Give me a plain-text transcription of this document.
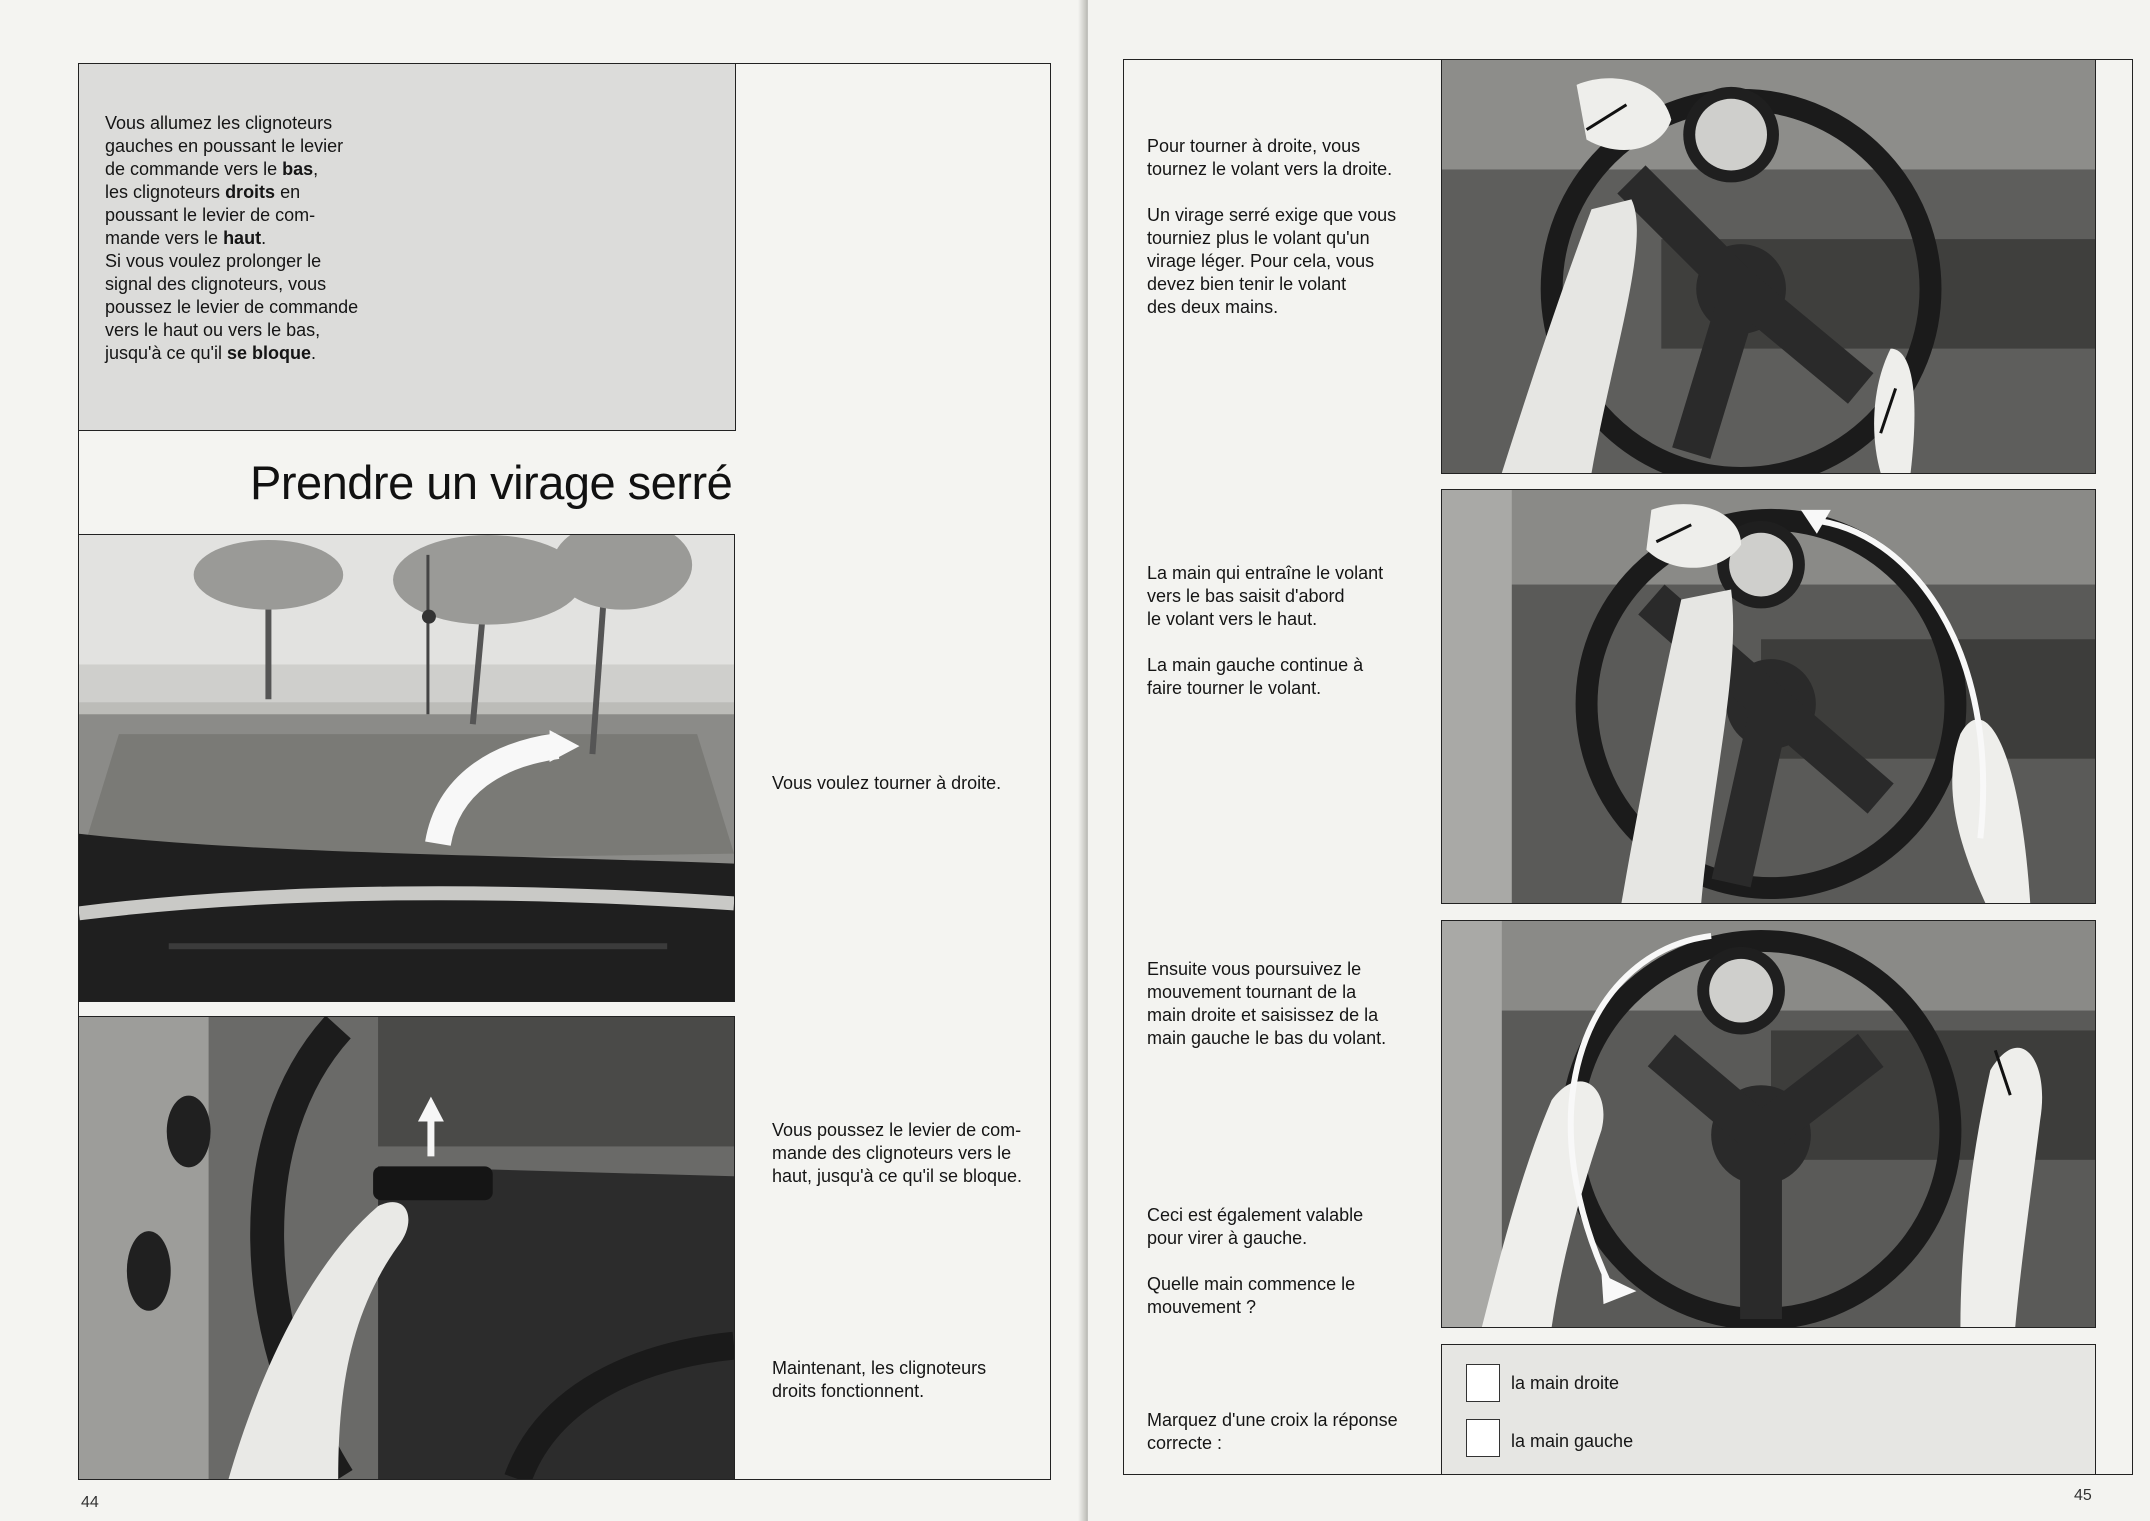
Vous allumez les clignoteurs
gauches en poussant le levier
de commande vers le bas,
les clignoteurs droits en
poussant le levier de com-
mande vers le haut.
Si vous voulez prolonger le
signal des clignoteurs, vous
poussez le levier de commande
vers le haut ou vers le bas,
jusqu'à ce qu'il se bloque.
Prendre un virage serré
Vous voulez tourner à droite.
Vous poussez le levier de com-
mande des clignoteurs vers le
haut, jusqu'à ce qu'il se bloque.
Maintenant, les clignoteurs
droits fonctionnent.
44
Pour tourner à droite, vous
tournez le volant vers la droite.

Un virage serré exige que vous
tourniez plus le volant qu'un
virage léger. Pour cela, vous
devez bien tenir le volant
des deux mains.
La main qui entraîne le volant
vers le bas saisit d'abord
le volant vers le haut.

La main gauche continue à
faire tourner le volant.
Ensuite vous poursuivez le
mouvement tournant de la
main droite et saisissez de la
main gauche le bas du volant.
Ceci est également valable
pour virer à gauche.

Quelle main commence le
mouvement ?
Marquez d'une croix la réponse
correcte :
la main droite
la main gauche
45
